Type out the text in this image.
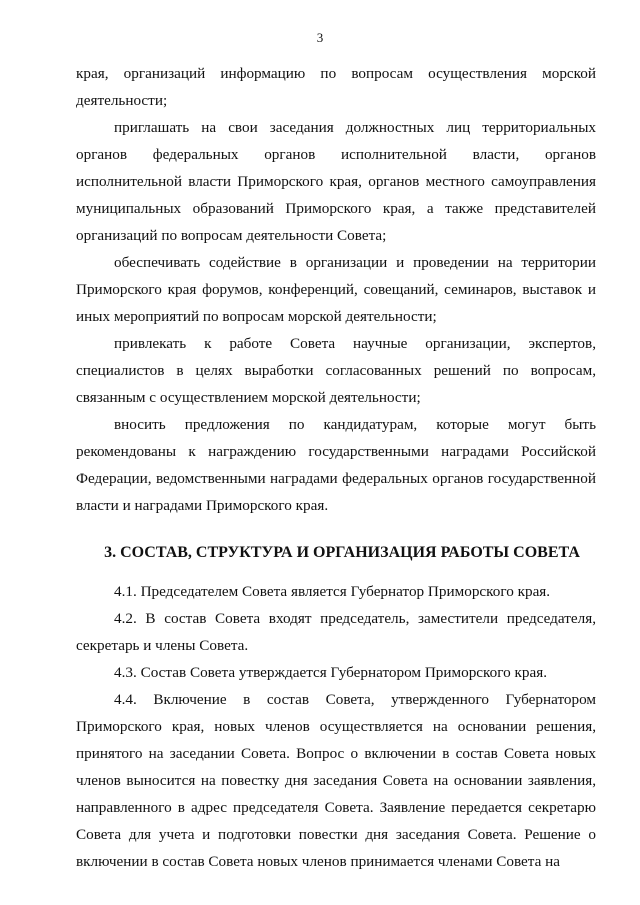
3

края, организаций информацию по вопросам осуществления морской деятельности;

приглашать на свои заседания должностных лиц территориальных органов федеральных органов исполнительной власти, органов исполнительной власти Приморского края, органов местного самоуправления муниципальных образований Приморского края, а также представителей организаций по вопросам деятельности Совета;

обеспечивать содействие в организации и проведении на территории Приморского края форумов, конференций, совещаний, семинаров, выставок и иных мероприятий по вопросам морской деятельности;

привлекать к работе Совета научные организации, экспертов, специалистов в целях выработки согласованных решений по вопросам, связанным с осуществлением морской деятельности;

вносить предложения по кандидатурам, которые могут быть рекомендованы к награждению государственными наградами Российской Федерации, ведомственными наградами федеральных органов государственной власти и наградами Приморского края.

3. СОСТАВ, СТРУКТУРА И ОРГАНИЗАЦИЯ РАБОТЫ СОВЕТА

4.1. Председателем Совета является Губернатор Приморского края.

4.2. В состав Совета входят председатель, заместители председателя, секретарь и члены Совета.

4.3. Состав Совета утверждается Губернатором Приморского края.

4.4. Включение в состав Совета, утвержденного Губернатором Приморского края, новых членов осуществляется на основании решения, принятого на заседании Совета. Вопрос о включении в состав Совета новых членов выносится на повестку дня заседания Совета на основании заявления, направленного в адрес председателя Совета. Заявление передается секретарю Совета для учета и подготовки повестки дня заседания Совета. Решение о включении в состав Совета новых членов принимается членами Совета на
